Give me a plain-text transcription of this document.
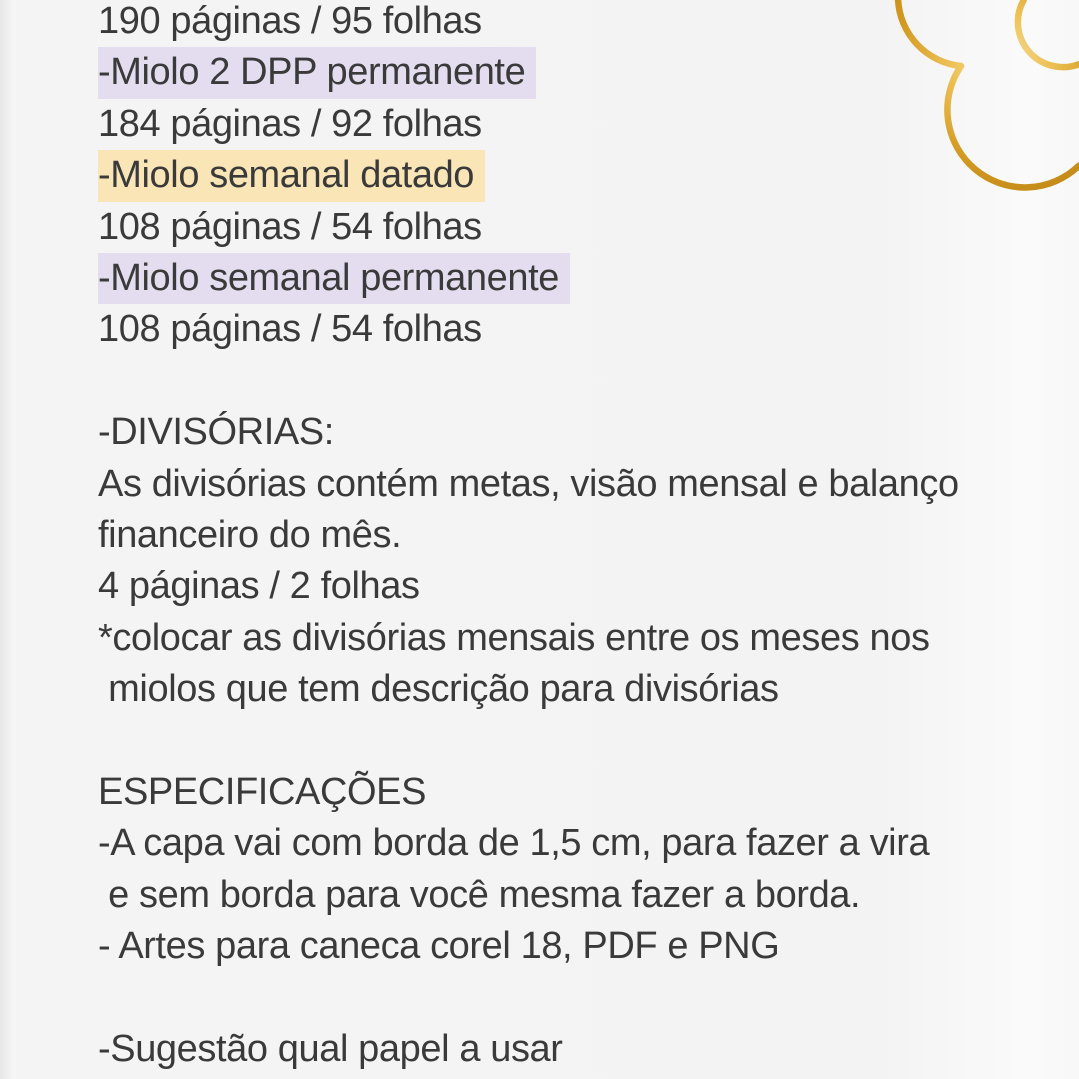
190 páginas / 95 folhas
-Miolo 2 DPP permanente
184 páginas / 92 folhas
-Miolo semanal datado
108 páginas / 54 folhas
-Miolo semanal permanente
108 páginas / 54 folhas
-DIVISÓRIAS:
As divisórias contém metas, visão mensal e balanço
financeiro do mês.
4 páginas / 2 folhas
*colocar as divisórias mensais entre os meses nos
miolos que tem descrição para divisórias
ESPECIFICAÇÕES
-A capa vai com borda de 1,5 cm, para fazer a vira
e sem borda para você mesma fazer a borda.
- Artes para caneca corel 18, PDF e PNG
-Sugestão qual papel a usar
